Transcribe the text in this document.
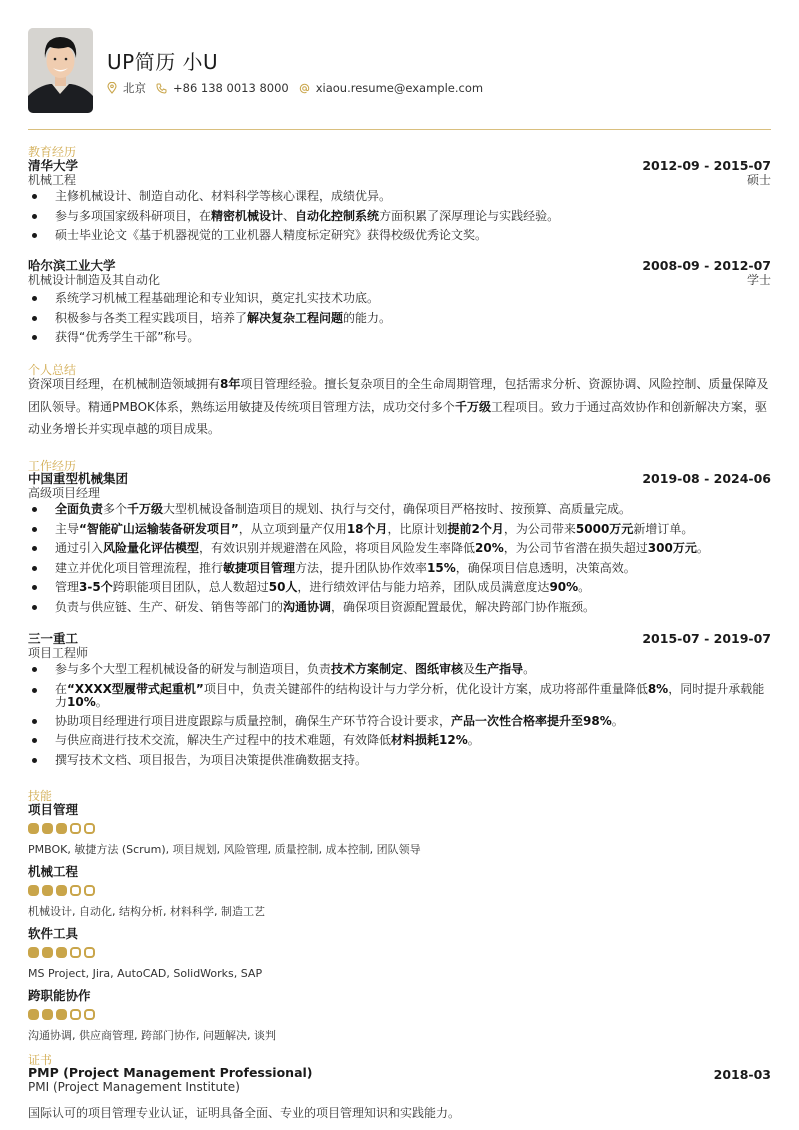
UP简历 小U
北京 +86 138 0013 8000 xiaou.resume@example.com
教育经历
清华大学
机械工程
2012-09 - 2015-07
硕士
主修机械设计、制造自动化、材料科学等核心课程，成绩优异。
参与多项国家级科研项目，在精密机械设计、自动化控制系统方面积累了深厚理论与实践经验。
硕士毕业论文《基于机器视觉的工业机器人精度标定研究》获得校级优秀论文奖。
哈尔滨工业大学
机械设计制造及其自动化
2008-09 - 2012-07
学士
系统学习机械工程基础理论和专业知识，奠定扎实技术功底。
积极参与各类工程实践项目，培养了解决复杂工程问题的能力。
获得“优秀学生干部”称号。
个人总结
资深项目经理，在机械制造领域拥有8年项目管理经验。擅长复杂项目的全生命周期管理，包括需求分析、资源协调、风险控制、质量保障及团队领导。精通PMBOK体系，熟练运用敏捷及传统项目管理方法，成功交付多个千万级工程项目。致力于通过高效协作和创新解决方案，驱动业务增长并实现卓越的项目成果。
工作经历
中国重型机械集团
高级项目经理
2019-08 - 2024-06
全面负责多个千万级大型机械设备制造项目的规划、执行与交付，确保项目严格按时、按预算、高质量完成。
主导“智能矿山运输装备研发项目”，从立项到量产仅用18个月，比原计划提前2个月，为公司带来5000万元新增订单。
通过引入风险量化评估模型，有效识别并规避潜在风险，将项目风险发生率降低20%，为公司节省潜在损失超过300万元。
建立并优化项目管理流程，推行敏捷项目管理方法，提升团队协作效率15%，确保项目信息透明，决策高效。
管理3-5个跨职能项目团队，总人数超过50人，进行绩效评估与能力培养，团队成员满意度达90%。
负责与供应链、生产、研发、销售等部门的沟通协调，确保项目资源配置最优，解决跨部门协作瓶颈。
三一重工
项目工程师
2015-07 - 2019-07
参与多个大型工程机械设备的研发与制造项目，负责技术方案制定、图纸审核及生产指导。
在“XXXX型履带式起重机”项目中，负责关键部件的结构设计与力学分析，优化设计方案，成功将部件重量降低8%，同时提升承载能力10%。
协助项目经理进行项目进度跟踪与质量控制，确保生产环节符合设计要求，产品一次性合格率提升至98%。
与供应商进行技术交流，解决生产过程中的技术难题，有效降低材料损耗12%。
撰写技术文档、项目报告，为项目决策提供准确数据支持。
技能
项目管理
PMBOK, 敏捷方法 (Scrum), 项目规划, 风险管理, 质量控制, 成本控制, 团队领导
机械工程
机械设计, 自动化, 结构分析, 材料科学, 制造工艺
软件工具
MS Project, Jira, AutoCAD, SolidWorks, SAP
跨职能协作
沟通协调, 供应商管理, 跨部门协作, 问题解决, 谈判
证书
PMP (Project Management Professional)
PMI (Project Management Institute)
2018-03
国际认可的项目管理专业认证，证明具备全面、专业的项目管理知识和实践能力。
